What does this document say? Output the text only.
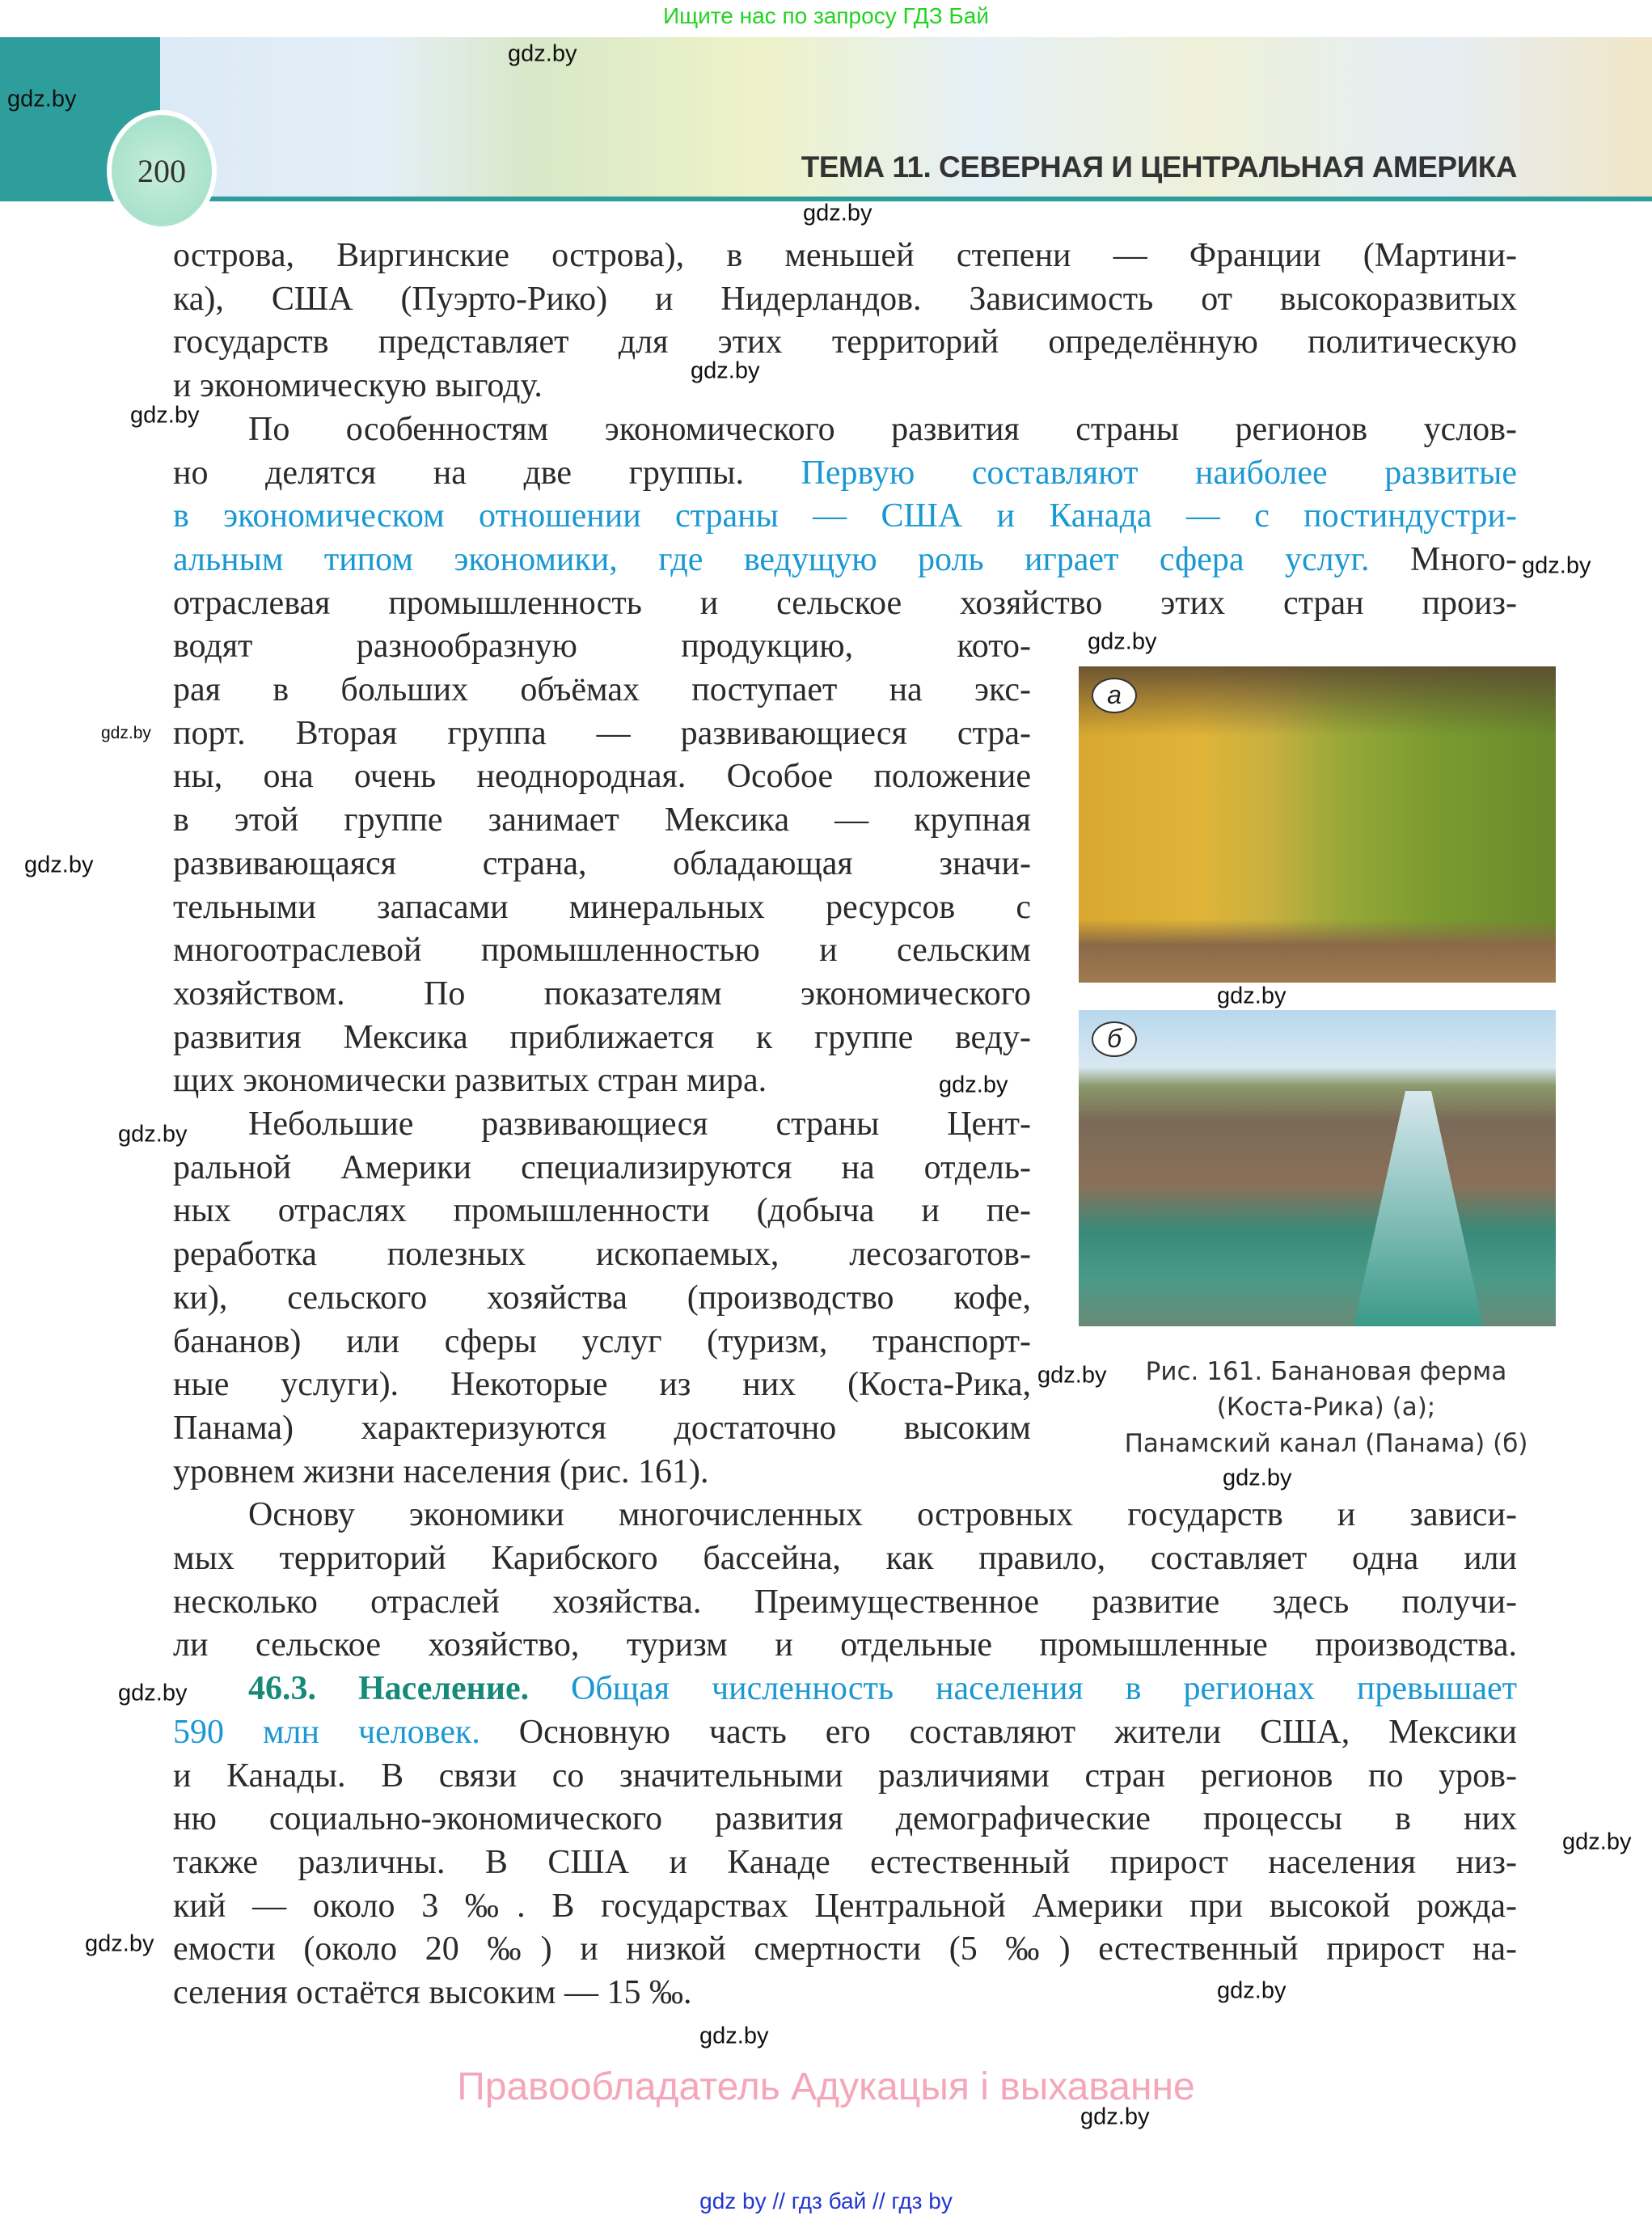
Ищите нас по запросу ГДЗ Бай
200	ТЕМА 11. СЕВЕРНАЯ И ЦЕНТРАЛЬНАЯ АМЕРИКА
острова, Виргинские острова), в меньшей степени — Франции (Мартини-
ка), США (Пуэрто-Рико) и Нидерландов. Зависимость от высокоразвитых
государств представляет для этих территорий определённую политическую
и экономическую выгоду.
По особенностям экономического развития страны регионов услов-
но делятся на две группы. Первую составляют наиболее развитые
в экономическом отношении страны — США и Канада — с постиндустри-
альным типом экономики, где ведущую роль играет сфера услуг. Много-
отраслевая промышленность и сельское хозяйство этих стран произ-
водят разнообразную продукцию, кото-
рая в больших объёмах поступает на экс-
порт. Вторая группа — развивающиеся стра-
ны, она очень неоднородная. Особое положение
в этой группе занимает Мексика — крупная
развивающаяся страна, обладающая значи-
тельными запасами минеральных ресурсов с
многоотраслевой промышленностью и сельским
хозяйством. По показателям экономического
развития Мексика приближается к группе веду-
щих экономически развитых стран мира.
Небольшие развивающиеся страны Цент-
ральной Америки специализируются на отдель-
ных отраслях промышленности (добыча и пе-
реработка полезных ископаемых, лесозаготов-
ки), сельского хозяйства (производство кофе,
бананов) или сферы услуг (туризм, транспорт-
ные услуги). Некоторые из них (Коста-Рика,
Панама) характеризуются достаточно высоким
уровнем жизни населения (рис. 161).
Основу экономики многочисленных островных государств и зависи-
мых территорий Карибского бассейна, как правило, составляет одна или
несколько отраслей хозяйства. Преимущественное развитие здесь получи-
ли сельское хозяйство, туризм и отдельные промышленные производства.
46.3. Население. Общая численность населения в регионах превышает
590 млн человек. Основную часть его составляют жители США, Мексики
и Канады. В связи со значительными различиями стран регионов по уров-
ню социально-экономического развития демографические процессы в них
также различны. В США и Канаде естественный прирост населения низ-
кий — около 3 ‰. В государствах Центральной Америки при высокой рожда-
емости (около 20 ‰) и низкой смертности (5 ‰) естественный прирост на-
селения остаётся высоким — 15 ‰.
а
б
Рис. 161. Банановая ферма
(Коста-Рика) (а);
Панамский канал (Панама) (б)
gdz.by
gdz.by
gdz.by
gdz.by
gdz.by
gdz.by
gdz.by
gdz.by
gdz.by
gdz.by
gdz.by
gdz.by
gdz.by
gdz.by
gdz.by
gdz.by
gdz.by
gdz.by
gdz.by
gdz.by
Правообладатель Адукацыя і выхаванне
gdz by // гдз бай // гдз by
